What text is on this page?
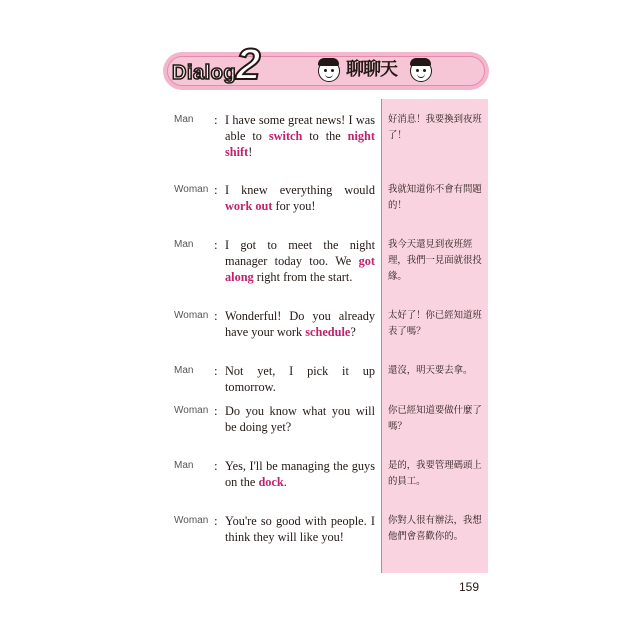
Dialog 2	聊聊天
Man : I have some great news! I was able to switch to the night shift!
好消息！我要換到夜班了！
Woman : I knew everything would work out for you!
我就知道你不會有問題的！
Man : I got to meet the night manager today too. We got along right from the start.
我今天還見到夜班經理，我們一見面就很投緣。
Woman : Wonderful! Do you already have your work schedule?
太好了！你已經知道班表了嗎？
Man : Not yet, I pick it up tomorrow.
還沒，明天要去拿。
Woman : Do you know what you will be doing yet?
你已經知道要做什麼了嗎？
Man : Yes, I'll be managing the guys on the dock.
是的，我要管理碼頭上的員工。
Woman : You're so good with people. I think they will like you!
你對人很有辦法，我想他們會喜歡你的。
159
